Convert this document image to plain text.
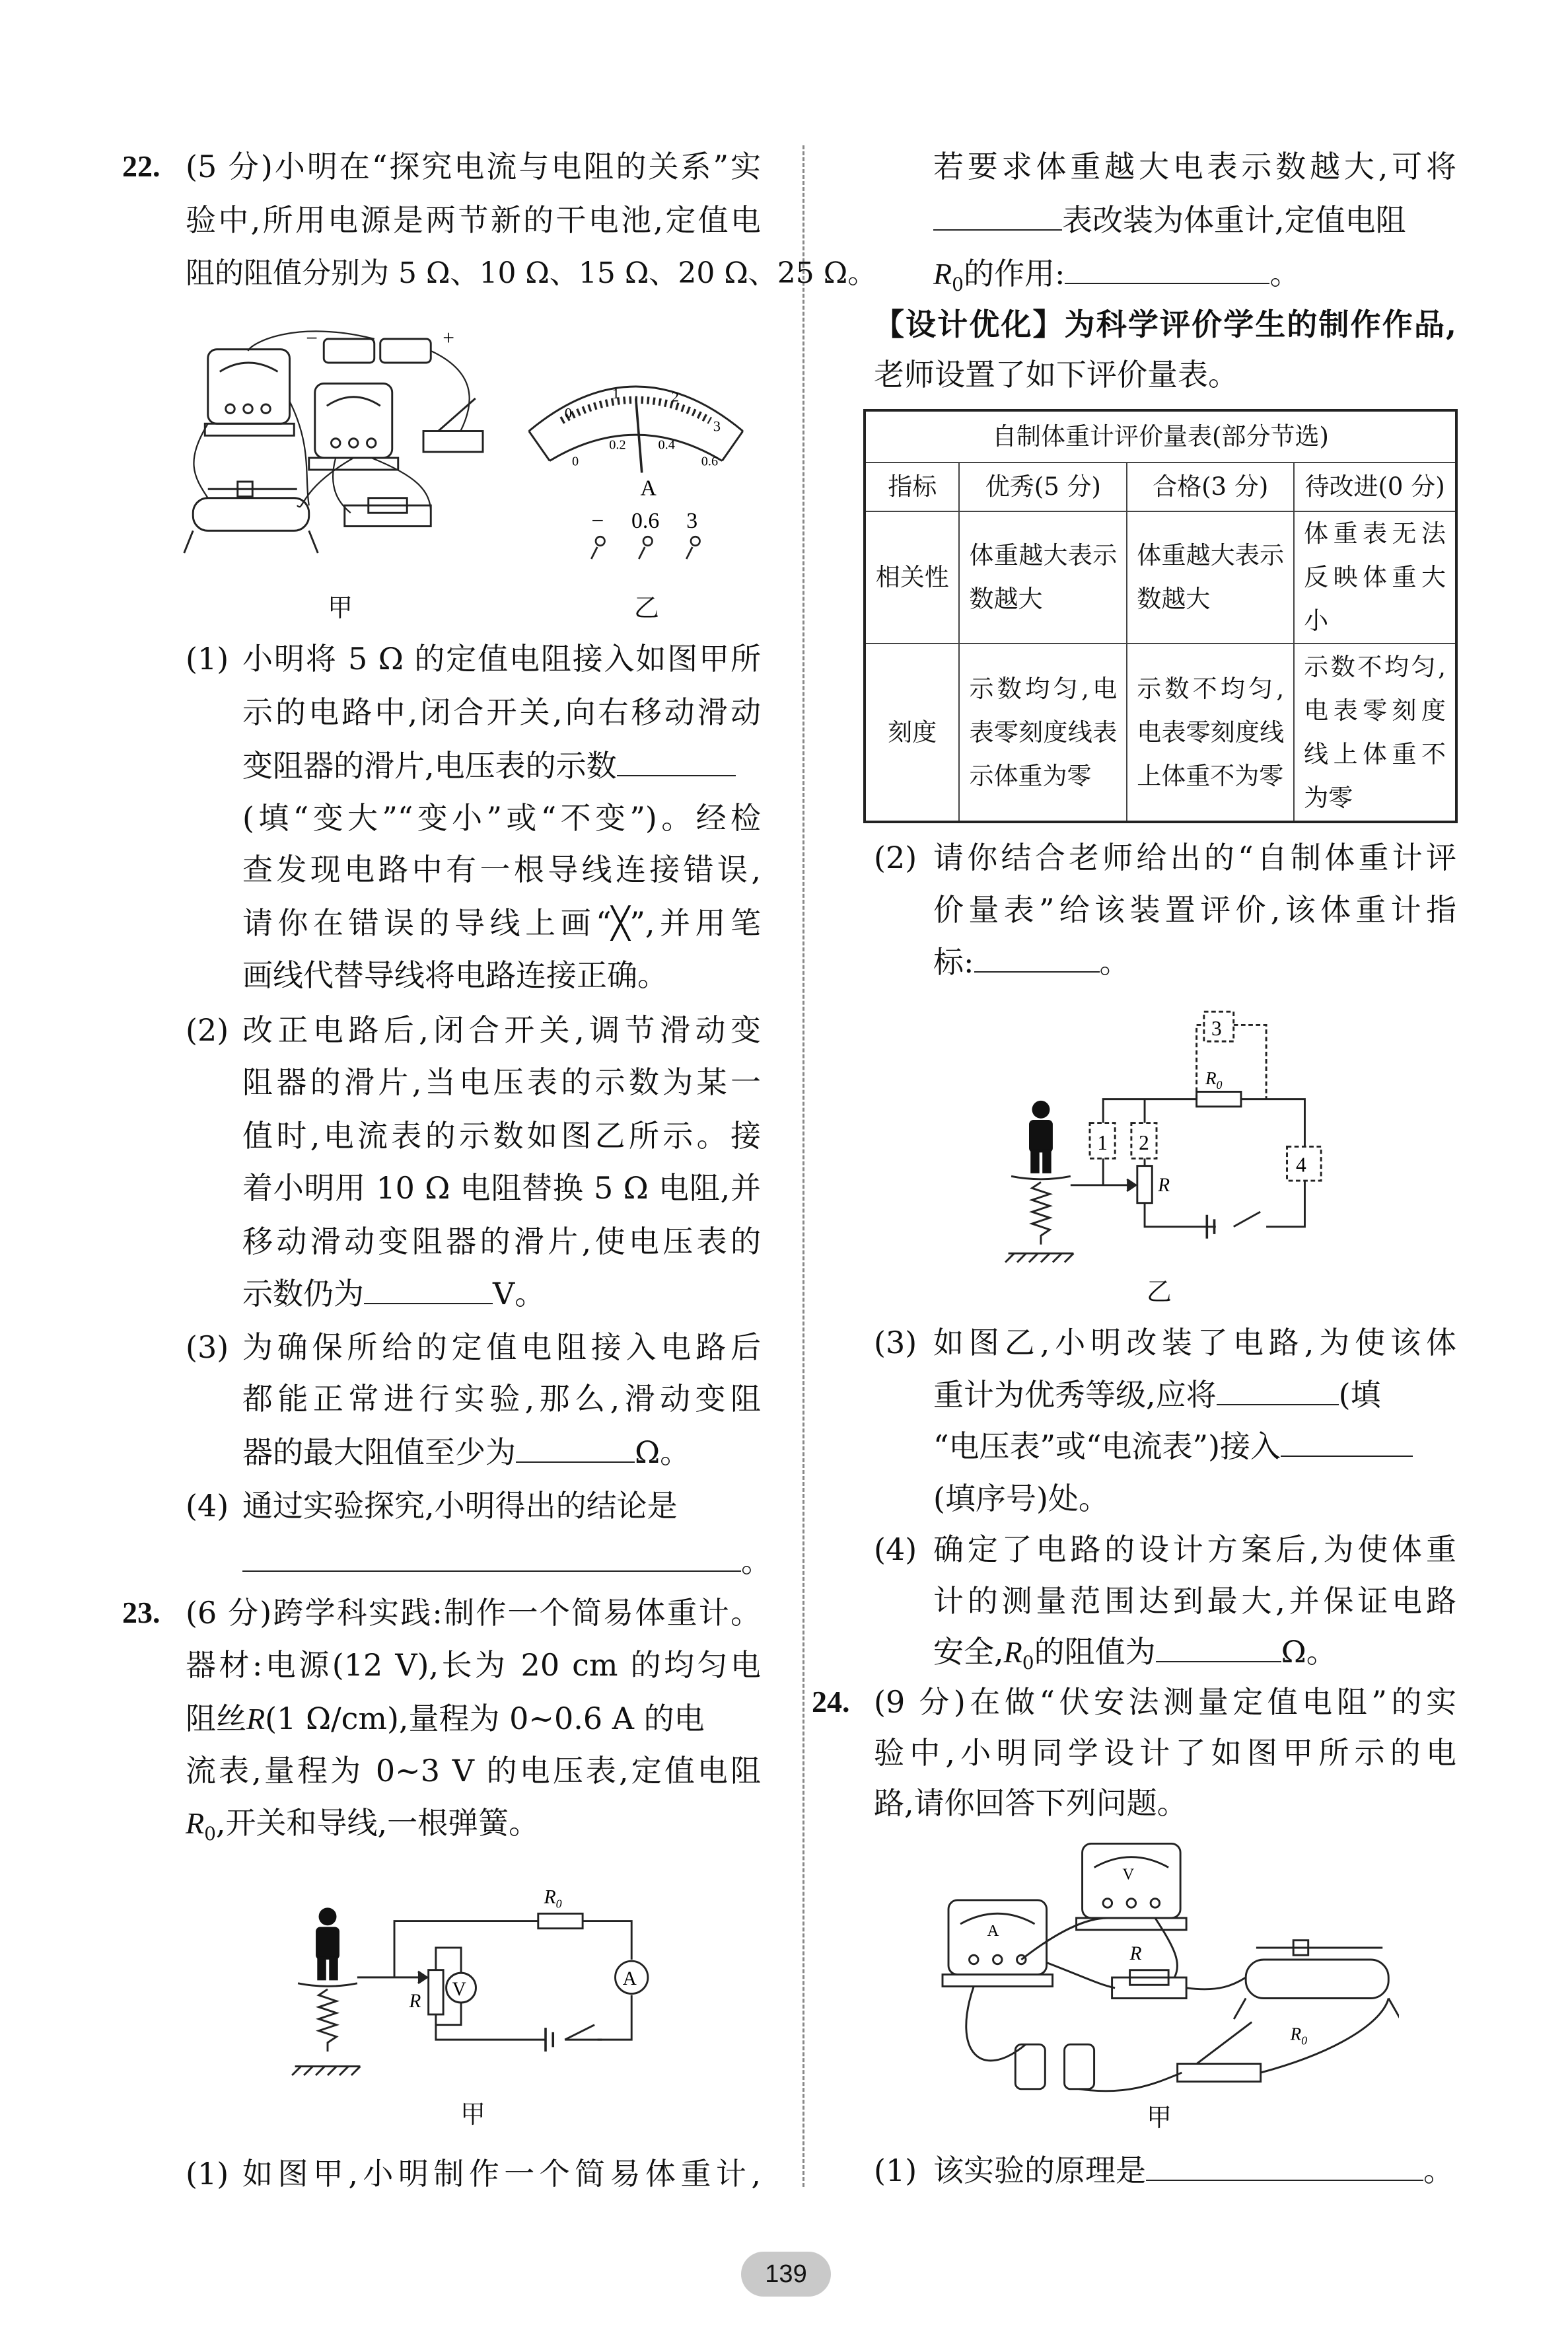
22. (5 分)小明在“探究电流与电阻的关系”实
验中,所用电源是两节新的干电池,定值电
阻的阻值分别为 5 Ω、10 Ω、15 Ω、20 Ω、25 Ω。
−	+
0
1	2
3
0
0.2	0.4
0.6
A
−	0.6	3
甲	乙
(1) 小明将 5 Ω 的定值电阻接入如图甲所
示的电路中,闭合开关,向右移动滑动
变阻器的滑片,电压表的示数
(填“变大”“变小”或“不变”)。经检
查发现电路中有一根导线连接错误,
请你在错误的导线上画“╳”,并用笔
画线代替导线将电路连接正确。
(2) 改正电路后,闭合开关,调节滑动变
阻器的滑片,当电压表的示数为某一
值时,电流表的示数如图乙所示。接
着小明用 10 Ω 电阻替换 5 Ω 电阻,并
移动滑动变阻器的滑片,使电压表的
示数仍为	V。
(3) 为确保所给的定值电阻接入电路后
都能正常进行实验,那么,滑动变阻
器的最大阻值至少为	Ω。
(4) 通过实验探究,小明得出的结论是
。
23. (6 分)跨学科实践:制作一个简易体重计。
器材:电源(12 V),长为 20 cm 的均匀电
阻丝R(1 Ω/cm),量程为 0~0.6 A 的电
流表,量程为 0~3 V 的电压表,定值电阻
$R_0$,开关和导线,一根弹簧。
V	A
$R_0$
R
甲
(1) 如图甲,小明制作一个简易体重计,
若要求体重越大电表示数越大,可将
表改装为体重计,定值电阻
$R_0$的作用:	。
【设计优化】为科学评价学生的制作作品,
老师设置了如下评价量表。
自制体重计评价量表(部分节选)			
指标	优秀(5 分)	合格(3 分)	待改进(0 分)
相关性	体重越大表示数越大	体重越大表示数越大	体重表无法反映体重大小
刻度	示数均匀,电表零刻度线表示体重为零	示数不均匀,电表零刻度线上体重不为零	示数不均匀,电表零刻度线上体重不为零
(2) 请你结合老师给出的“自制体重计评
价量表”给该装置评价,该体重计指
标:	。
1	2
3
4
$R_0$
R
乙
(3) 如图乙,小明改装了电路,为使该体
重计为优秀等级,应将	(填
“电压表”或“电流表”)接入
(填序号)处。
(4) 确定了电路的设计方案后,为使体重
计的测量范围达到最大,并保证电路
安全$,R_0$的阻值为	Ω。
24. (9 分)在做“伏安法测量定值电阻”的实
验中,小明同学设计了如图甲所示的电
路,请你回答下列问题。
A
V
R
$R_0$
甲
(1) 该实验的原理是	。
139
